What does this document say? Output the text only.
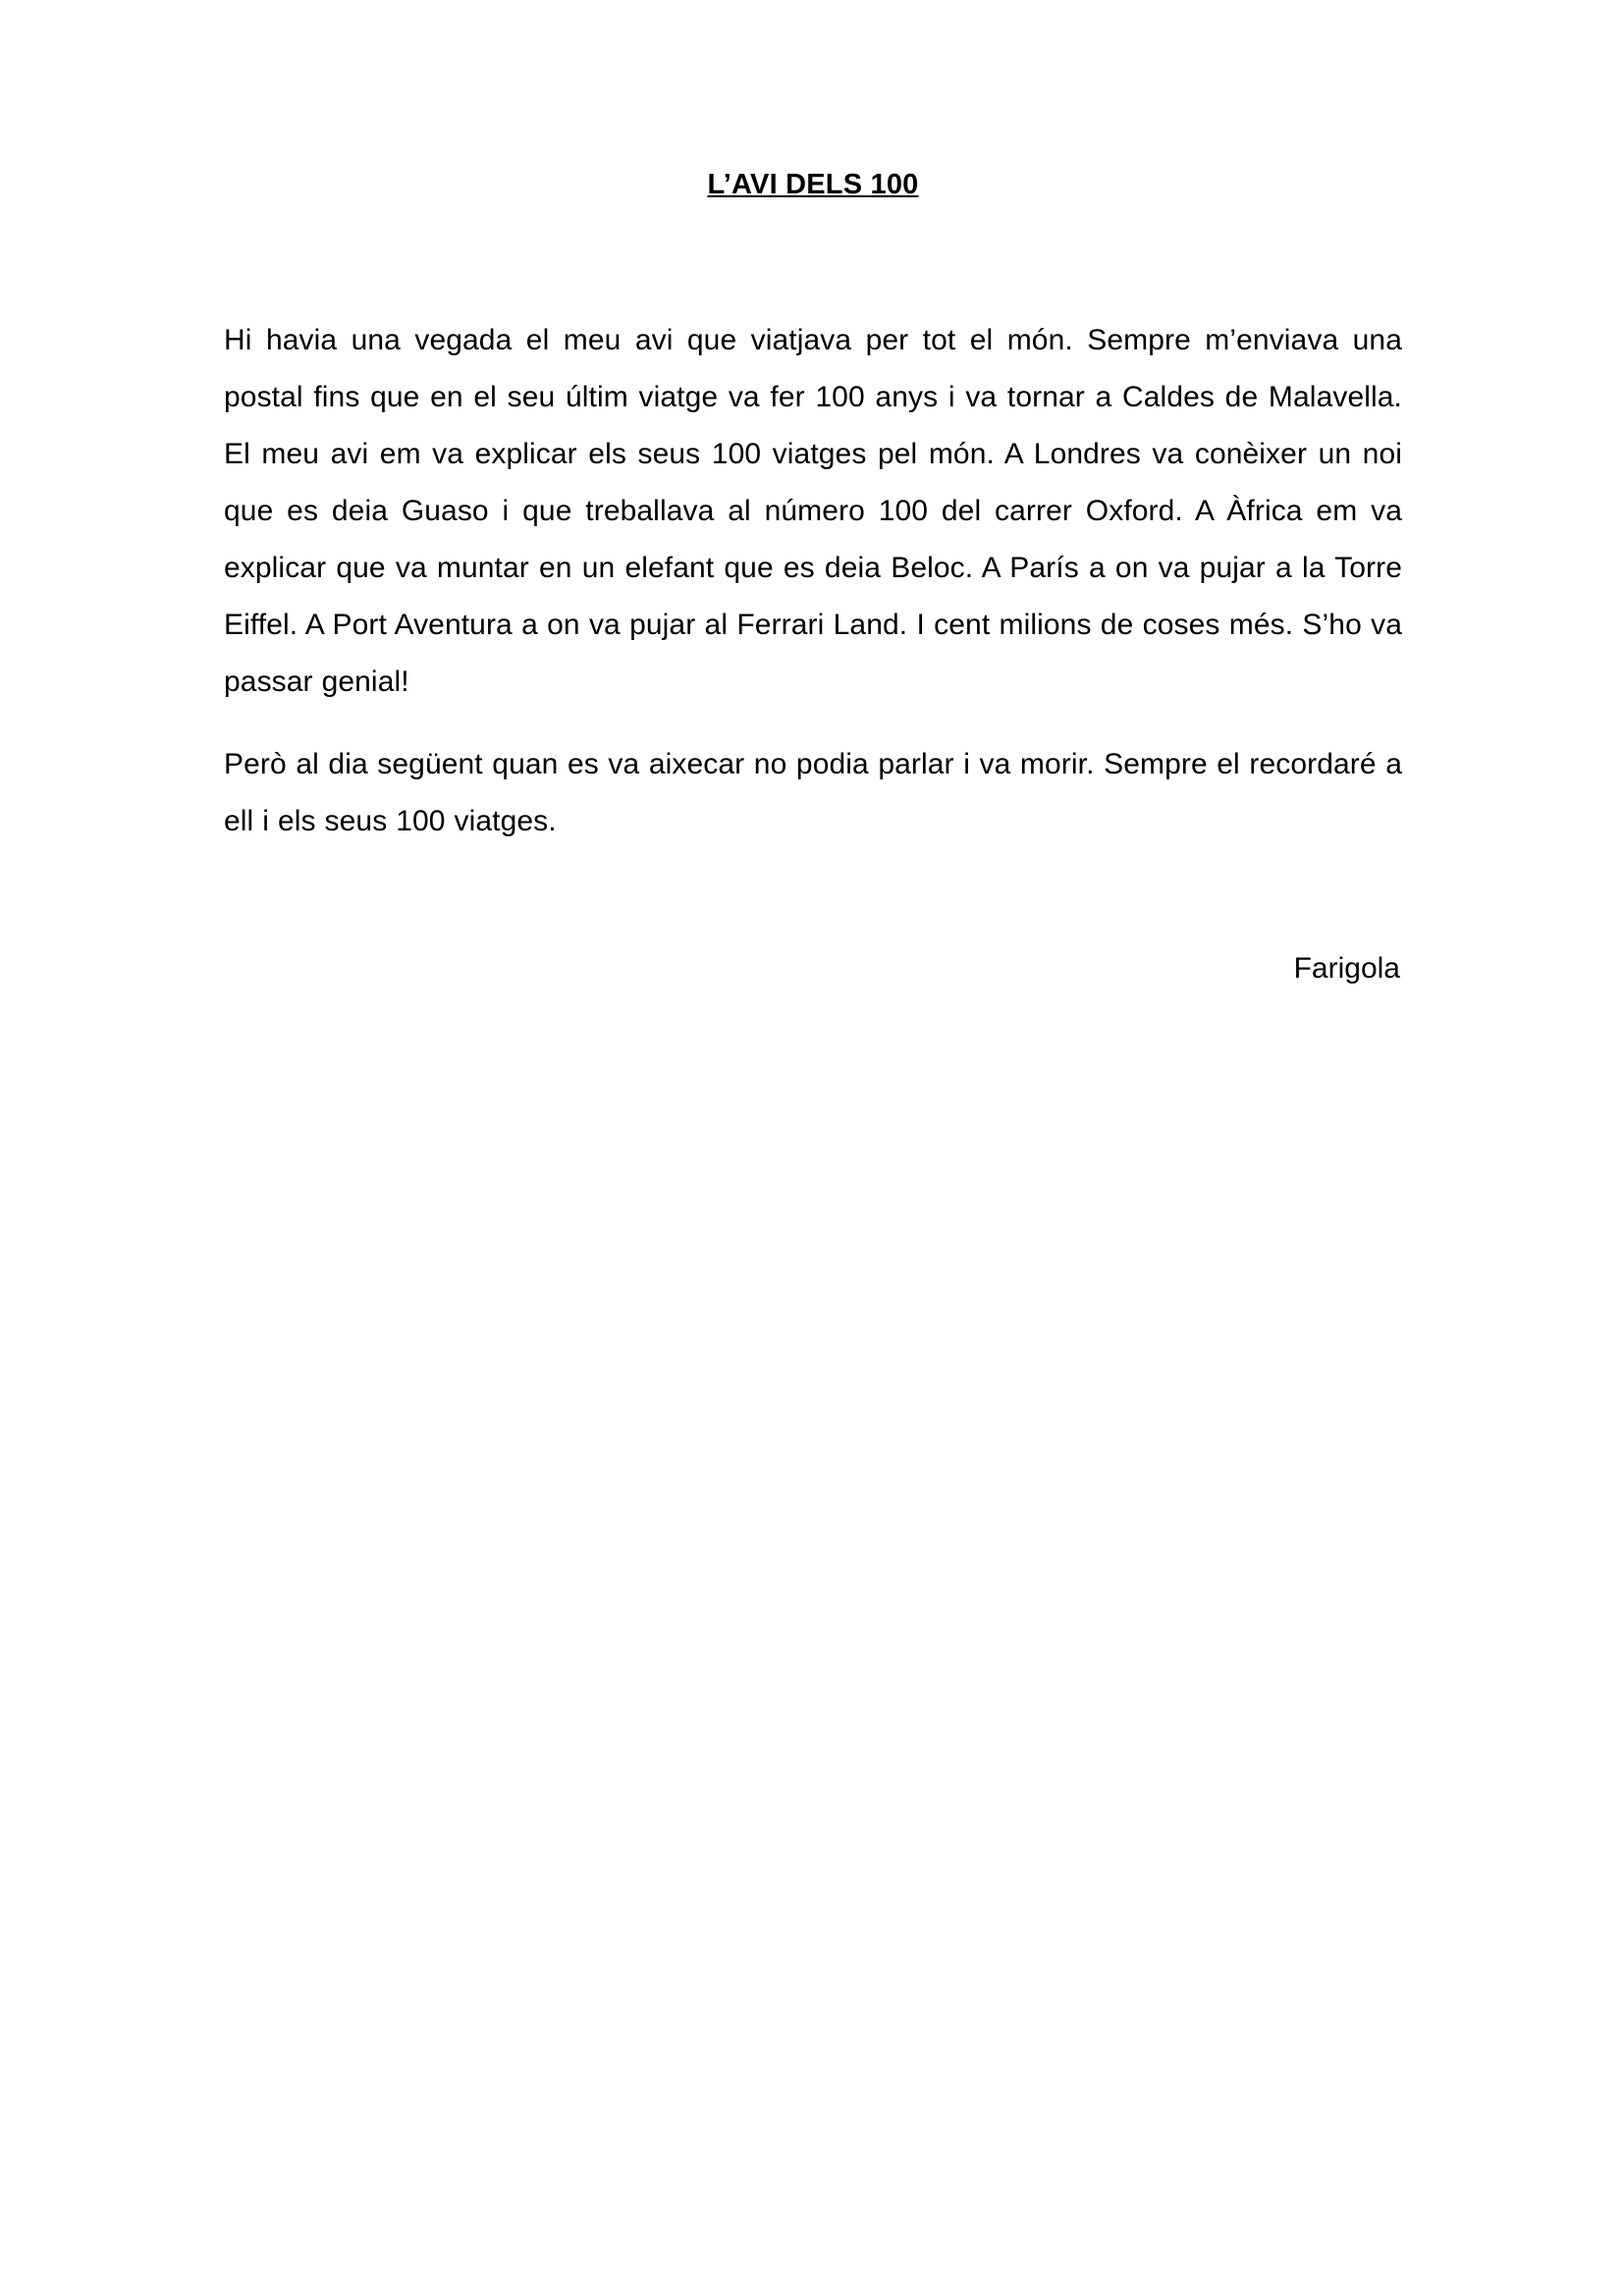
L’AVI DELS 100

Hi havia una vegada el meu avi que viatjava per tot el món. Sempre m’enviava una postal fins que en el seu últim viatge va fer 100 anys i va tornar a Caldes de Malavella. El meu avi em va explicar els seus 100 viatges pel món. A Londres va conèixer un noi que es deia Guaso i que treballava al número 100 del carrer Oxford. A Àfrica em va explicar que va muntar en un elefant que es deia Beloc. A París a on va pujar a la Torre Eiffel. A Port Aventura a on va pujar al Ferrari Land. I cent milions de coses més. S’ho va passar genial!

Però al dia següent quan es va aixecar no podia parlar i va morir. Sempre el recordaré a ell i els seus 100 viatges.

Farigola
